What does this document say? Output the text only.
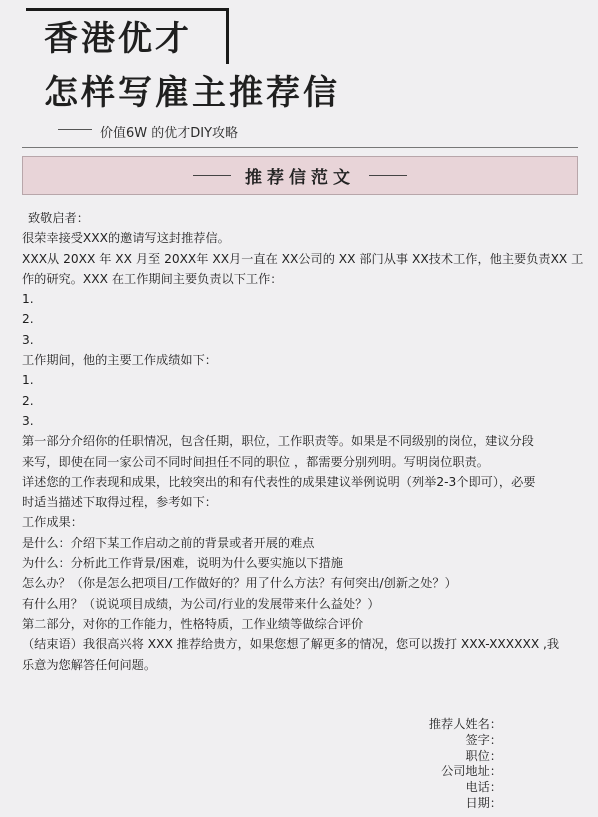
香港优才
怎样写雇主推荐信
价值6W 的优才DIY攻略
推荐信范文
致敬启者：
很荣幸接受XXX的邀请写这封推荐信。
XXX从 20XX 年 XX 月至 20XX年 XX月一直在 XX公司的 XX 部门从事 XX技术工作，他主要负责XX 工
作的研究。XXX 在工作期间主要负责以下工作：
1.
2.
3.
工作期间，他的主要工作成绩如下：
1.
2.
3.
第一部分介绍你的任职情况，包含任期，职位，工作职责等。如果是不同级别的岗位，建议分段
来写，即使在同一家公司不同时间担任不同的职位 ，都需要分别列明。写明岗位职责。
详述您的工作表现和成果，比较突出的和有代表性的成果建议举例说明（列举2-3个即可），必要
时适当描述下取得过程，参考如下：
工作成果：
是什么：介绍下某工作启动之前的背景或者开展的难点
为什么：分析此工作背景/困难，说明为什么要实施以下措施
怎么办？（你是怎么把项目/工作做好的？用了什么方法？有何突出/创新之处？）
有什么用？（说说项目成绩，为公司/行业的发展带来什么益处？）
第二部分，对你的工作能力，性格特质，工作业绩等做综合评价
（结束语）我很高兴将 XXX 推荐给贵方，如果您想了解更多的情况，您可以拨打 XXX-XXXXXX ,我
乐意为您解答任何问题。
推荐人姓名：
签字：
职位：
公司地址：
电话：
日期：
